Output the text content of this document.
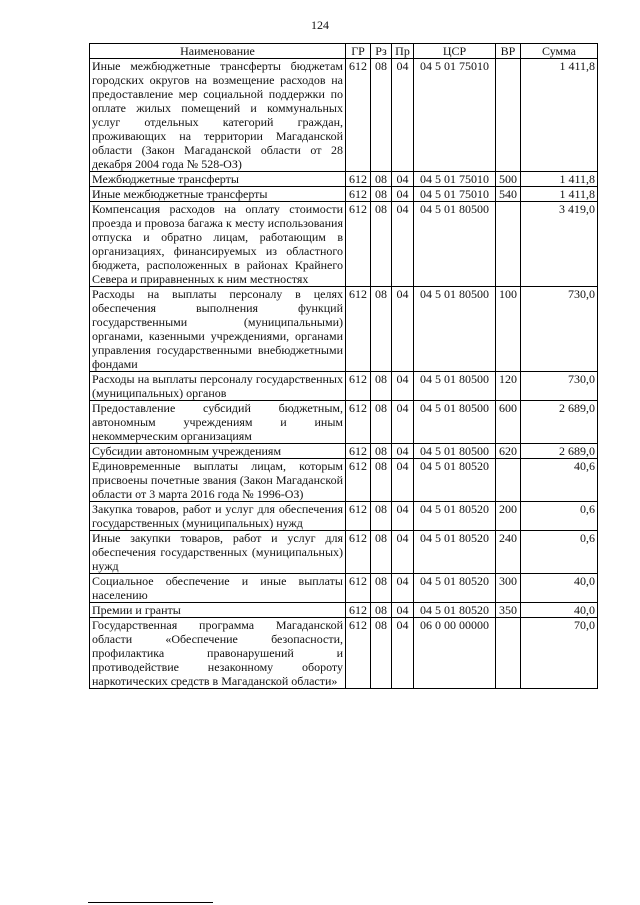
124
Наименование	ГР	Рз	Пр	ЦСР	ВР	Сумма
Иные межбюджетные трансферты бюджетам городских округов на возмещение расходов на предоставление мер социальной поддержки по оплате жилых помещений и коммунальных услуг отдельных категорий граждан, проживающих на территории Магаданской области (Закон Магаданской области от 28 декабря 2004 года № 528-ОЗ)	612	08	04	04 5 01 75010		1 411,8
Межбюджетные трансферты	612	08	04	04 5 01 75010	500	1 411,8
Иные межбюджетные трансферты	612	08	04	04 5 01 75010	540	1 411,8
Компенсация расходов на оплату стоимости проезда и провоза багажа к месту использования отпуска и обратно лицам, работающим в организациях, финансируемых из областного бюджета, расположенных в районах Крайнего Севера и приравненных к ним местностях	612	08	04	04 5 01 80500		3 419,0
Расходы на выплаты персоналу в целях обеспечения выполнения функций государственными (муниципальными) органами, казенными учреждениями, органами управления государственными внебюджетными фондами	612	08	04	04 5 01 80500	100	730,0
Расходы на выплаты персоналу государственных (муниципальных) органов	612	08	04	04 5 01 80500	120	730,0
Предоставление субсидий бюджетным, автономным учреждениям и иным некоммерческим организациям	612	08	04	04 5 01 80500	600	2 689,0
Субсидии автономным учреждениям	612	08	04	04 5 01 80500	620	2 689,0
Единовременные выплаты лицам, которым присвоены почетные звания (Закон Магаданской области от 3 марта 2016 года № 1996-ОЗ)	612	08	04	04 5 01 80520		40,6
Закупка товаров, работ и услуг для обеспечения государственных (муниципальных) нужд	612	08	04	04 5 01 80520	200	0,6
Иные закупки товаров, работ и услуг для обеспечения государственных (муниципальных) нужд	612	08	04	04 5 01 80520	240	0,6
Социальное обеспечение и иные выплаты населению	612	08	04	04 5 01 80520	300	40,0
Премии и гранты	612	08	04	04 5 01 80520	350	40,0
Государственная программа Магаданской области «Обеспечение безопасности, профилактика правонарушений и противодействие незаконному обороту наркотических средств в Магаданской области»	612	08	04	06 0 00 00000		70,0
